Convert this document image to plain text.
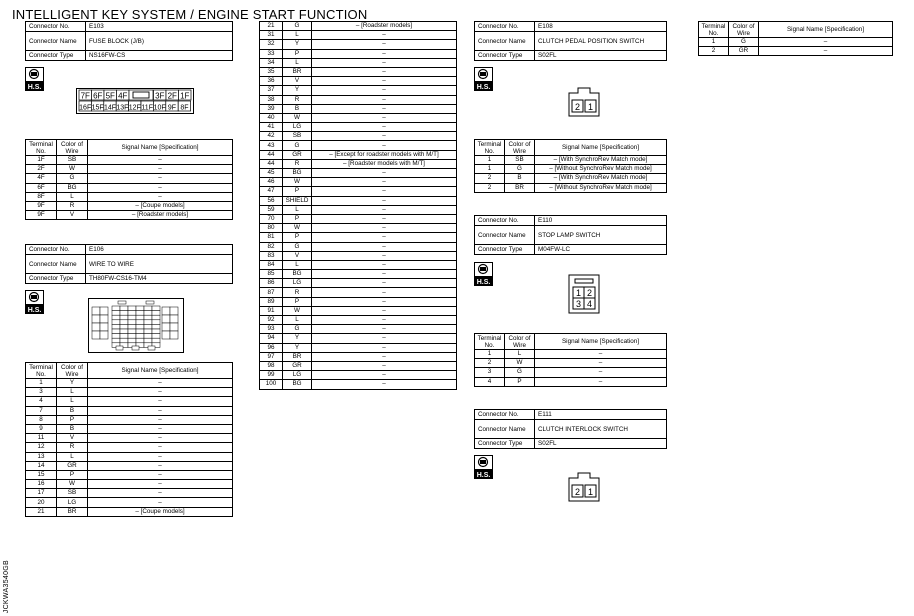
INTELLIGENT KEY SYSTEM / ENGINE START FUNCTION
Connector No.	E103
Connector Name	FUSE BLOCK (J/B)
Connector Type	NS16FW-CS
H.S.
7F 6F 5F 4F	3F 2F 1F
16F 15F 14F 13F 12F 11F 10F 9F 8F
Terminal No.	Color of Wire	Signal Name [Specification]
1F	SB	–
2F	W	–
4F	G	–
6F	BG	–
8F	L	–
9F	R	– [Coupe models]
9F	V	– [Roadster models]
Connector No.	E106
Connector Name	WIRE TO WIRE
Connector Type	TH80FW-CS16-TM4
H.S.
Terminal No.	Color of Wire	Signal Name [Specification]
1	Y	–
3	L	–
4	L	–
7	B	–
8	P	–
9	B	–
11	V	–
12	R	–
13	L	–
14	GR	–
15	P	–
16	W	–
17	SB	–
20	LG	–
21	BR	– [Coupe models]
21	G	– [Roadster models]
31	L	–
32	Y	–
33	P	–
34	L	–
35	BR	–
36	V	–
37	Y	–
38	R	–
39	B	–
40	W	–
41	LG	–
42	SB	–
43	G	–
44	GR	– [Except for roadster models with M/T]
44	R	– [Roadster models with M/T]
45	BG	–
46	W	–
47	P	–
56	SHIELD	–
59	L	–
70	P	–
80	W	–
81	P	–
82	G	–
83	V	–
84	L	–
85	BG	–
86	LG	–
87	R	–
89	P	–
91	W	–
92	L	–
93	G	–
94	Y	–
96	Y	–
97	BR	–
98	GR	–
99	LG	–
100	BG	–
Connector No.	E108
Connector Name	CLUTCH PEDAL POSITION SWITCH
Connector Type	S02FL
H.S.
2 1
Terminal No.	Color of Wire	Signal Name [Specification]
1	SB	– [With SynchroRev Match mode]
1	G	– [Without SynchroRev Match mode]
2	B	– [With SynchroRev Match mode]
2	BR	– [Without SynchroRev Match mode]
Connector No.	E110
Connector Name	STOP LAMP SWITCH
Connector Type	M04FW-LC
H.S.
1 2
3 4
Terminal No.	Color of Wire	Signal Name [Specification]
1	L	–
2	W	–
3	G	–
4	P	–
Connector No.	E111
Connector Name	CLUTCH INTERLOCK SWITCH
Connector Type	S02FL
H.S.
2 1
Terminal No.	Color of Wire	Signal Name [Specification]
1	G	–
2	GR	–
JCKWA3540GB
